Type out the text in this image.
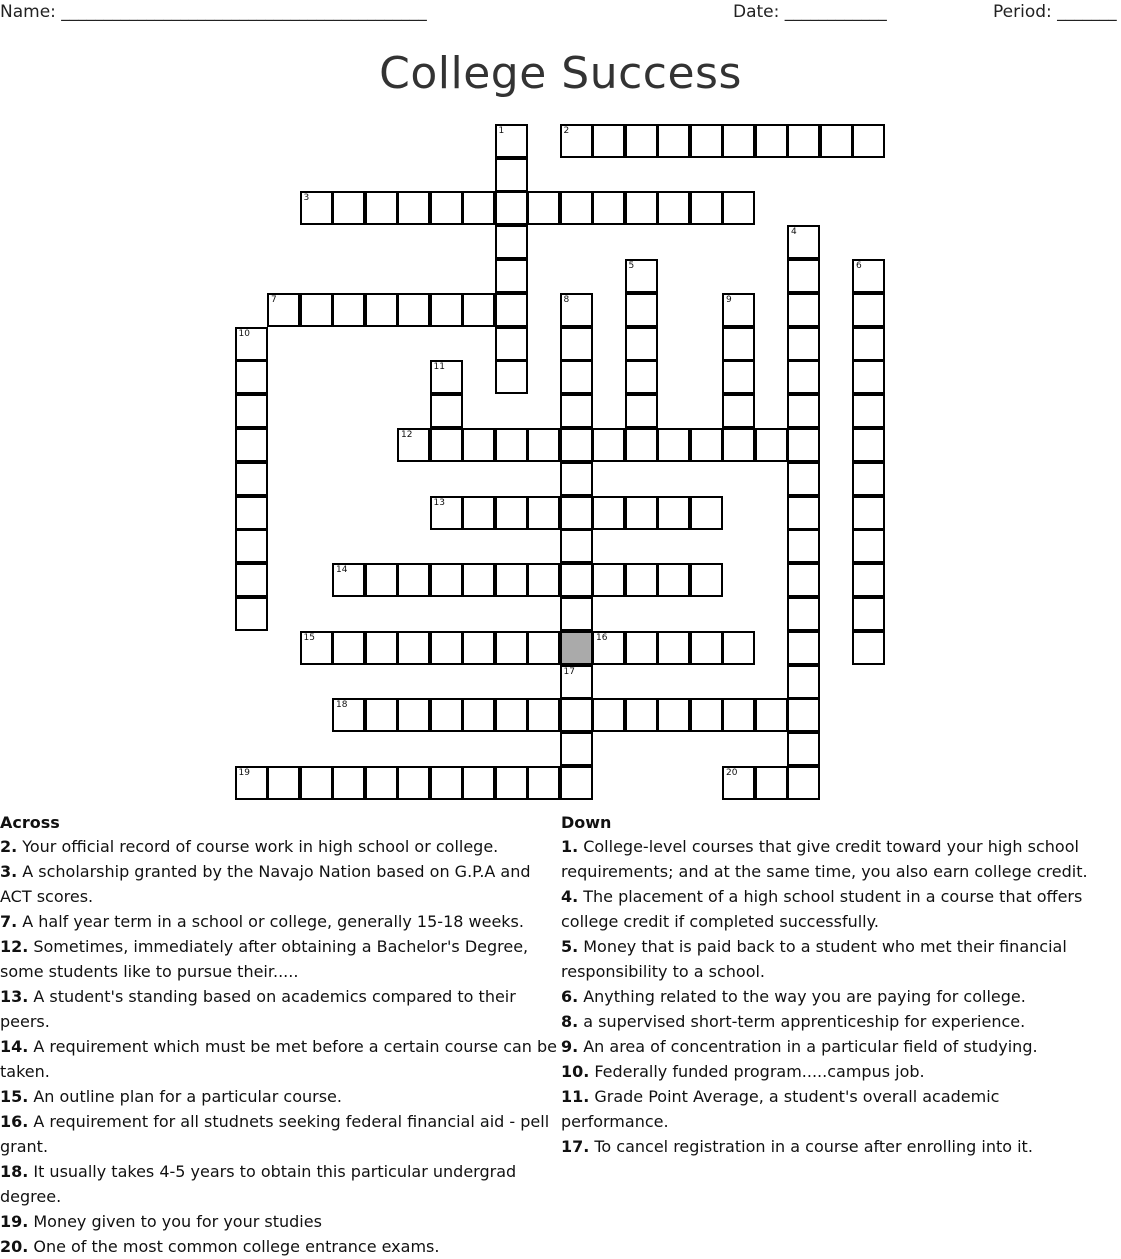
Name: ___________________________________________	Date: ____________	Period: _______
College Success
1	2
3
4
5	6
7	8	9
10
11
12
13
14
15	16
17
18
19	20
Across
2. Your official record of course work in high school or college.
3. A scholarship granted by the Navajo Nation based on G.P.A and ACT scores.
7. A half year term in a school or college, generally 15-18 weeks.
12. Sometimes, immediately after obtaining a Bachelor's Degree, some students like to pursue their.....
13. A student's standing based on academics compared to their peers.
14. A requirement which must be met before a certain course can be taken.
15. An outline plan for a particular course.
16. A requirement for all studnets seeking federal financial aid - pell grant.
18. It usually takes 4-5 years to obtain this particular undergrad degree.
19. Money given to you for your studies
20. One of the most common college entrance exams.
Down
1. College-level courses that give credit toward your high school requirements; and at the same time, you also earn college credit.
4. The placement of a high school student in a course that offers college credit if completed successfully.
5. Money that is paid back to a student who met their financial responsibility to a school.
6. Anything related to the way you are paying for college.
8. a supervised short-term apprenticeship for experience.
9. An area of concentration in a particular field of studying.
10. Federally funded program.....campus job.
11. Grade Point Average, a student's overall academic performance.
17. To cancel registration in a course after enrolling into it.
